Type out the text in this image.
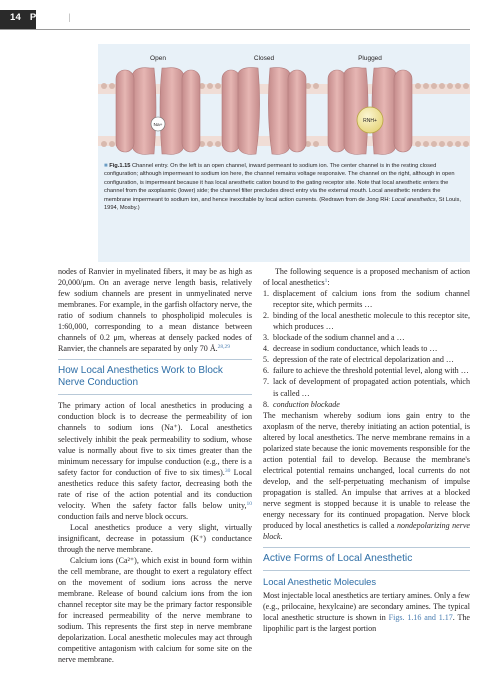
14 PART I | Drugs
Open	Closed	Plugged
Na+
RNH+
■ Fig.1.15 Channel entry. On the left is an open channel, inward permeant to sodium ion. The center channel is in the resting closed configuration; although impermeant to sodium ion here, the channel remains voltage responsive. The channel on the right, although in open configuration, is impermeant because it has local anesthetic cation bound to the gating receptor site. Note that local anesthetic enters the channel from the axoplasmic (lower) side; the channel filter precludes direct entry via the external mouth. Local anesthetic renders the membrane impermeant to sodium ion, and hence inexcitable by local action currents. (Redrawn from de Jong RH: Local anesthetics, St Louis, 1994, Mosby.)

nodes of Ranvier in myelinated fibers, it may be as high as 20,000/μm. On an average nerve length basis, relatively few sodium channels are present in unmyelinated nerve membranes. For example, in the garfish olfactory nerve, the ratio of sodium channels to phospholipid molecules is 1:60,000, corresponding to a mean distance between channels of 0.2 μm, whereas at densely packed nodes of Ranvier, the channels are separated by only 70 Å.$^{28,29}$

How Local Anesthetics Work to Block Nerve Conduction

The primary action of local anesthetics in producing a conduction block is to decrease the permeability of ion channels to sodium ions (Na⁺). Local anesthetics selectively inhibit the peak permeability to sodium, whose value is normally about five to six times greater than the minimum necessary for impulse conduction (e.g., there is a safety factor for conduction of five to six times).$^{30}$ Local anesthetics reduce this safety factor, decreasing both the rate of rise of the action potential and its conduction velocity. When the safety factor falls below unity,$^{10}$ conduction fails and nerve block occurs.

Local anesthetics produce a very slight, virtually insignificant, decrease in potassium (K⁺) conductance through the nerve membrane.

Calcium ions (Ca²⁺), which exist in bound form within the cell membrane, are thought to exert a regulatory effect on the movement of sodium ions across the nerve membrane. Release of bound calcium ions from the ion channel receptor site may be the primary factor responsible for increased permeability of the nerve membrane to sodium. This represents the first step in nerve membrane depolarization. Local anesthetic molecules may act through competitive antagonism with calcium for some site on the nerve membrane.

The following sequence is a proposed mechanism of action of local anesthetics$^1$:

1. displacement of calcium ions from the sodium channel receptor site, which permits …
2. binding of the local anesthetic molecule to this receptor site, which produces …
3. blockade of the sodium channel and a …
4. decrease in sodium conductance, which leads to …
5. depression of the rate of electrical depolarization and …
6. failure to achieve the threshold potential level, along with …
7. lack of development of propagated action potentials, which is called …
8. conduction blockade

The mechanism whereby sodium ions gain entry to the axoplasm of the nerve, thereby initiating an action potential, is altered by local anesthetics. The nerve membrane remains in a polarized state because the ionic movements responsible for the action potential fail to develop. Because the membrane's electrical potential remains unchanged, local currents do not develop, and the self-perpetuating mechanism of impulse propagation is stalled. An impulse that arrives at a blocked nerve segment is stopped because it is unable to release the energy necessary for its continued propagation. Nerve block produced by local anesthetics is called a nondepolarizing nerve block.

Active Forms of Local Anesthetic
Local Anesthetic Molecules

Most injectable local anesthetics are tertiary amines. Only a few (e.g., prilocaine, hexylcaine) are secondary amines. The typical local anesthetic structure is shown in Figs. 1.16 and 1.17. The lipophilic part is the largest portion
